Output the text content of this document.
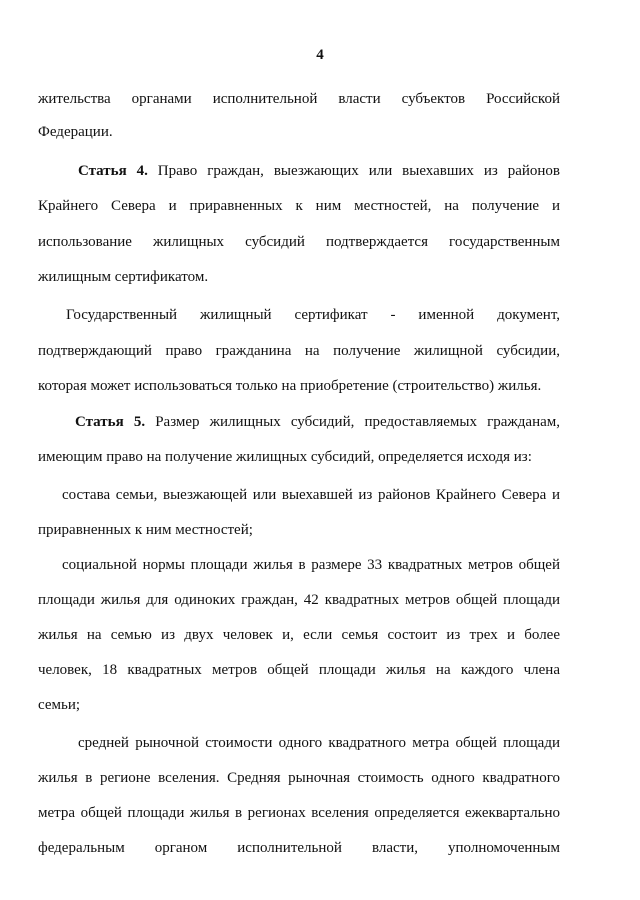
4
жительства органами исполнительной власти субъектов Российской
Федерации.
Статья 4. Право граждан, выезжающих или выехавших из районов
Крайнего Севера и приравненных к ним местностей, на получение и
использование жилищных субсидий подтверждается государственным
жилищным сертификатом.
Государственный жилищный сертификат - именной документ,
подтверждающий право гражданина на получение жилищной субсидии,
которая может использоваться только на приобретение (строительство) жилья.
Статья 5. Размер жилищных субсидий, предоставляемых гражданам,
имеющим право на получение жилищных субсидий, определяется исходя из:
состава семьи, выезжающей или выехавшей из районов Крайнего Севера и
приравненных к ним местностей;
социальной нормы площади жилья в размере 33 квадратных метров общей
площади жилья для одиноких граждан, 42 квадратных метров общей площади
жилья на семью из двух человек и, если семья состоит из трех и более
человек, 18 квадратных метров общей площади жилья на каждого члена
семьи;
средней рыночной стоимости одного квадратного метра общей площади
жилья в регионе вселения. Средняя рыночная стоимость одного квадратного
метра общей площади жилья в регионах вселения определяется ежеквартально
федеральным органом исполнительной власти, уполномоченным
